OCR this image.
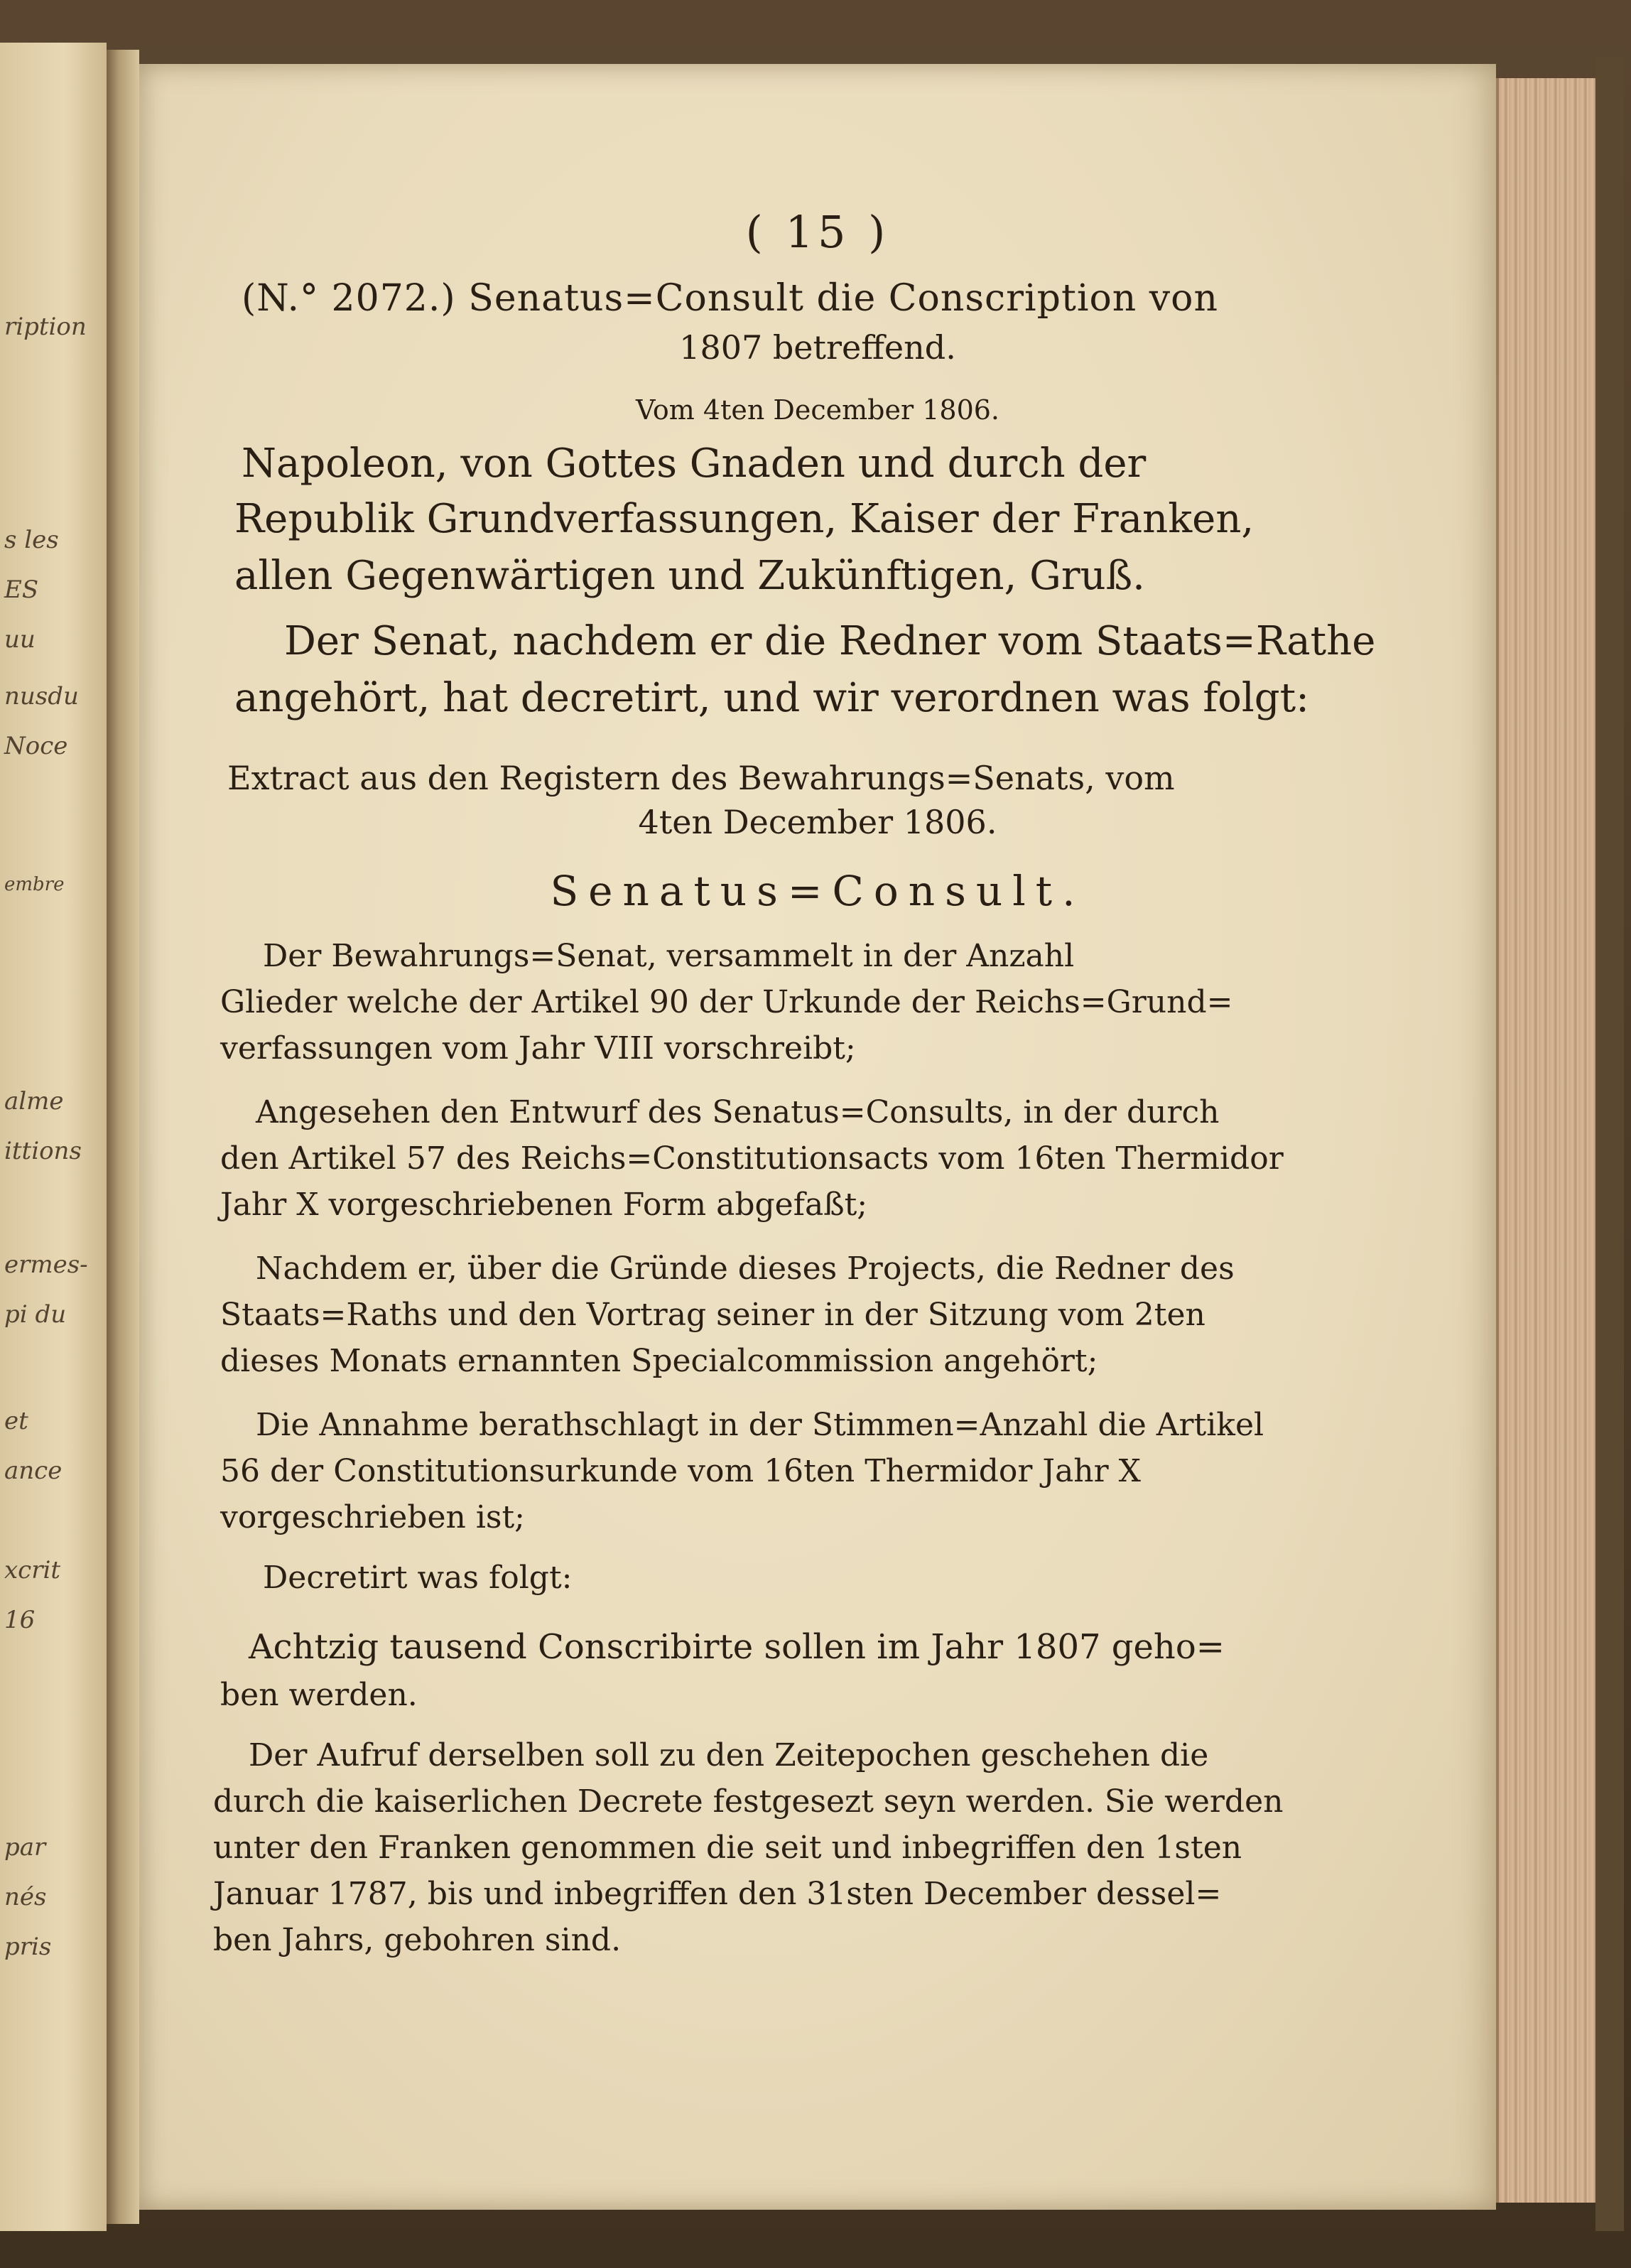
ription
s les
ES
uu
nusdu
Noce
embre
alme
ittions
ermes-
pi du
et
ance
xcrit
16
par
nés
pris
( 15 )
(N.° 2072.) Senatus=Consult die Conscription von
1807 betreffend.
Vom 4ten December 1806.
Napoleon, von Gottes Gnaden und durch der
Republik Grundverfassungen, Kaiser der Franken,
allen Gegenwärtigen und Zukünftigen, Gruß.
Der Senat, nachdem er die Redner vom Staats=Rathe
angehört, hat decretirt, und wir verordnen was folgt:
Extract aus den Registern des Bewahrungs=Senats, vom
4ten December 1806.
Senatus=Consult.
Der Bewahrungs=Senat, versammelt in der Anzahl
Glieder welche der Artikel 90 der Urkunde der Reichs=Grund=
verfassungen vom Jahr VIII vorschreibt;
Angesehen den Entwurf des Senatus=Consults, in der durch
den Artikel 57 des Reichs=Constitutionsacts vom 16ten Thermidor
Jahr X vorgeschriebenen Form abgefaßt;
Nachdem er, über die Gründe dieses Projects, die Redner des
Staats=Raths und den Vortrag seiner in der Sitzung vom 2ten
dieses Monats ernannten Specialcommission angehört;
Die Annahme berathschlagt in der Stimmen=Anzahl die Artikel
56 der Constitutionsurkunde vom 16ten Thermidor Jahr X
vorgeschrieben ist;
Decretirt was folgt:
Achtzig tausend Conscribirte sollen im Jahr 1807 geho=
ben werden.
Der Aufruf derselben soll zu den Zeitepochen geschehen die
durch die kaiserlichen Decrete festgesezt seyn werden. Sie werden
unter den Franken genommen die seit und inbegriffen den 1sten
Januar 1787, bis und inbegriffen den 31sten December dessel=
ben Jahrs, gebohren sind.
